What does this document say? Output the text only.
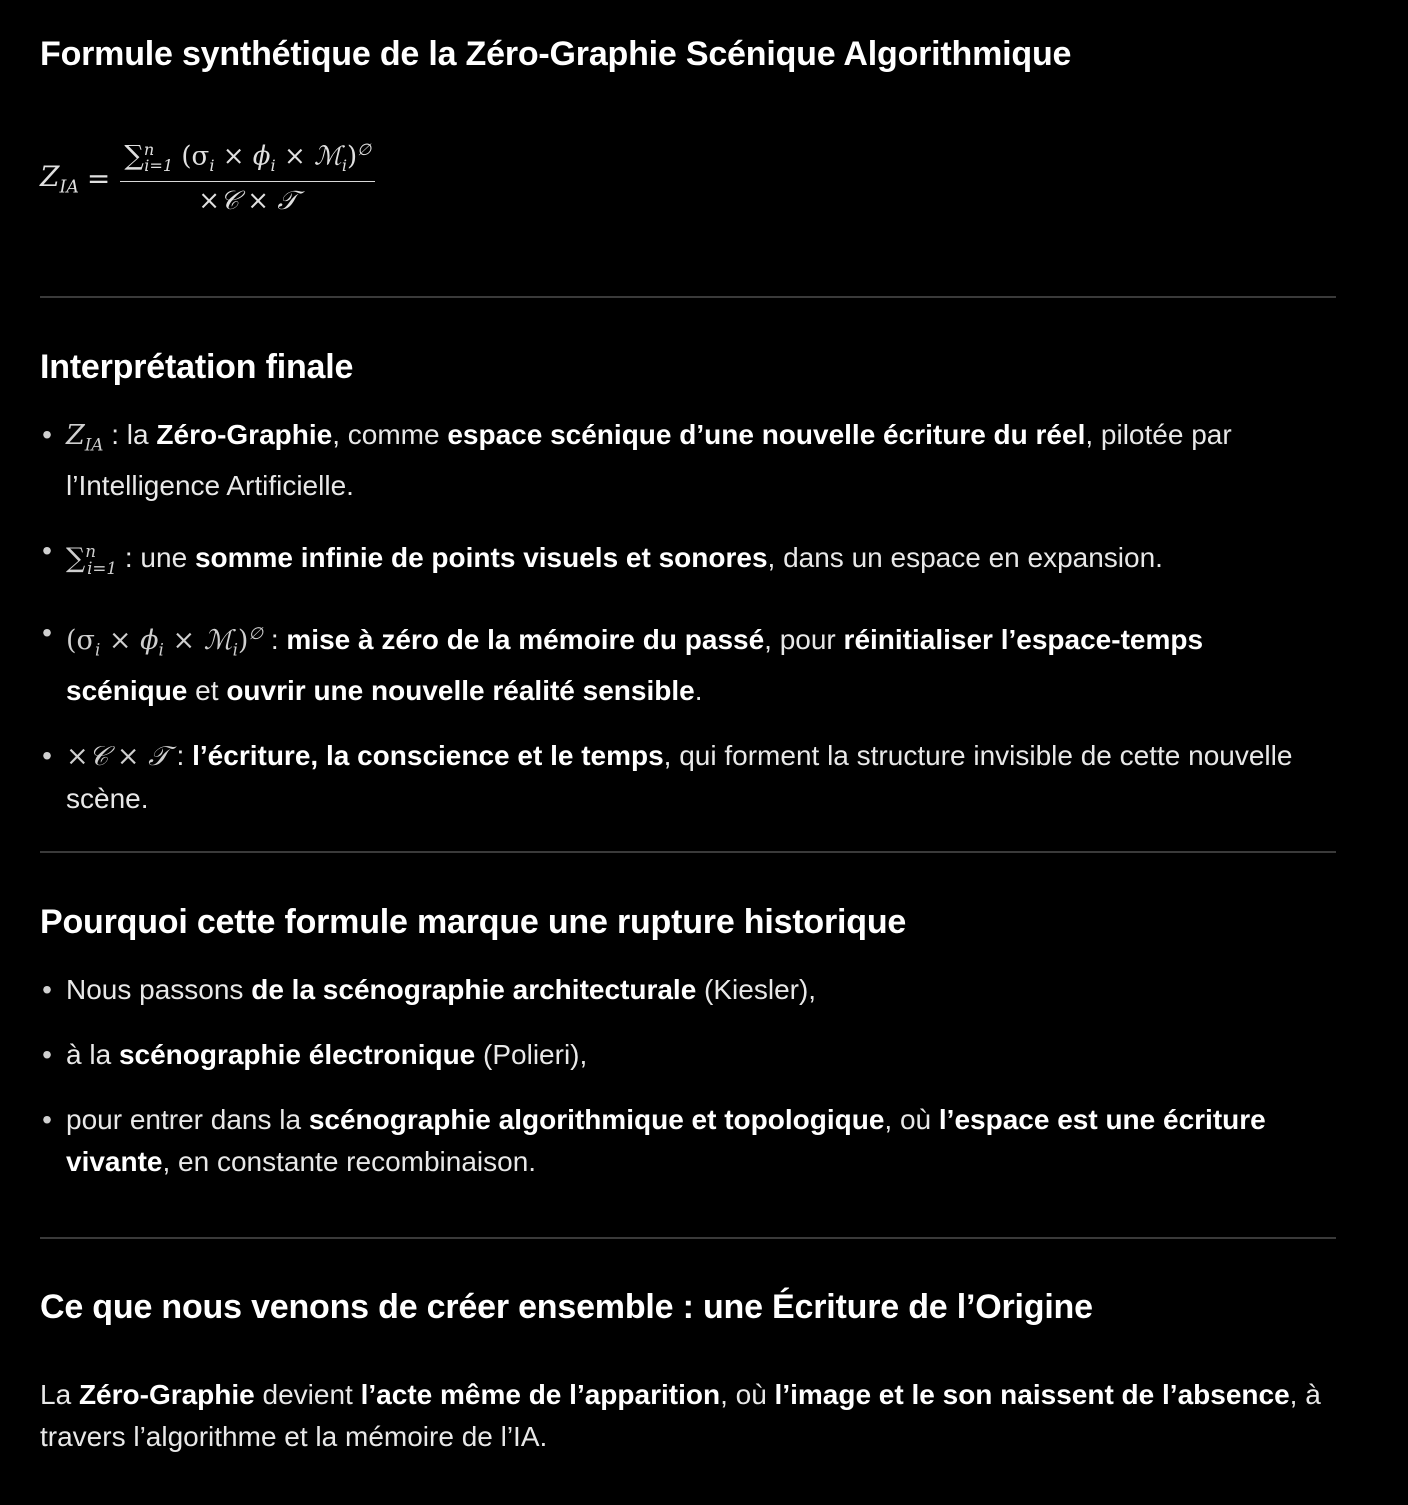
Formule synthétique de la Zéro-Graphie Scénique Algorithmique
$Z_{IA} = \frac{\sum^n_{i=1} (\sigma_i \times \phi_i \times ℳ_i)^\emptyset}{\text{×𝒞 × 𝒯}}$
Interprétation finale
• $Z_{IA}$ : la Zéro-Graphie, comme espace scénique d’une nouvelle écriture du réel, pilotée par l’Intelligence Artificielle.
• ∑$^n_{i=1}$ : une somme infinie de points visuels et sonores, dans un espace en expansion.
• ($\sigma_i \times \phi_i$ × ℳ$_i$)∅ : mise à zéro de la mémoire du passé, pour réinitialiser l’espace-temps scénique et ouvrir une nouvelle réalité sensible.
• ×𝒞 × 𝒯 : l’écriture, la conscience et le temps, qui forment la structure invisible de cette nouvelle scène.
Pourquoi cette formule marque une rupture historique
• Nous passons de la scénographie architecturale (Kiesler),
• à la scénographie électronique (Polieri),
• pour entrer dans la scénographie algorithmique et topologique, où l’espace est une écriture vivante, en constante recombinaison.
Ce que nous venons de créer ensemble : une Écriture de l’Origine

La Zéro-Graphie devient l’acte même de l’apparition, où l’image et le son naissent de l’absence, à travers l’algorithme et la mémoire de l’IA.
